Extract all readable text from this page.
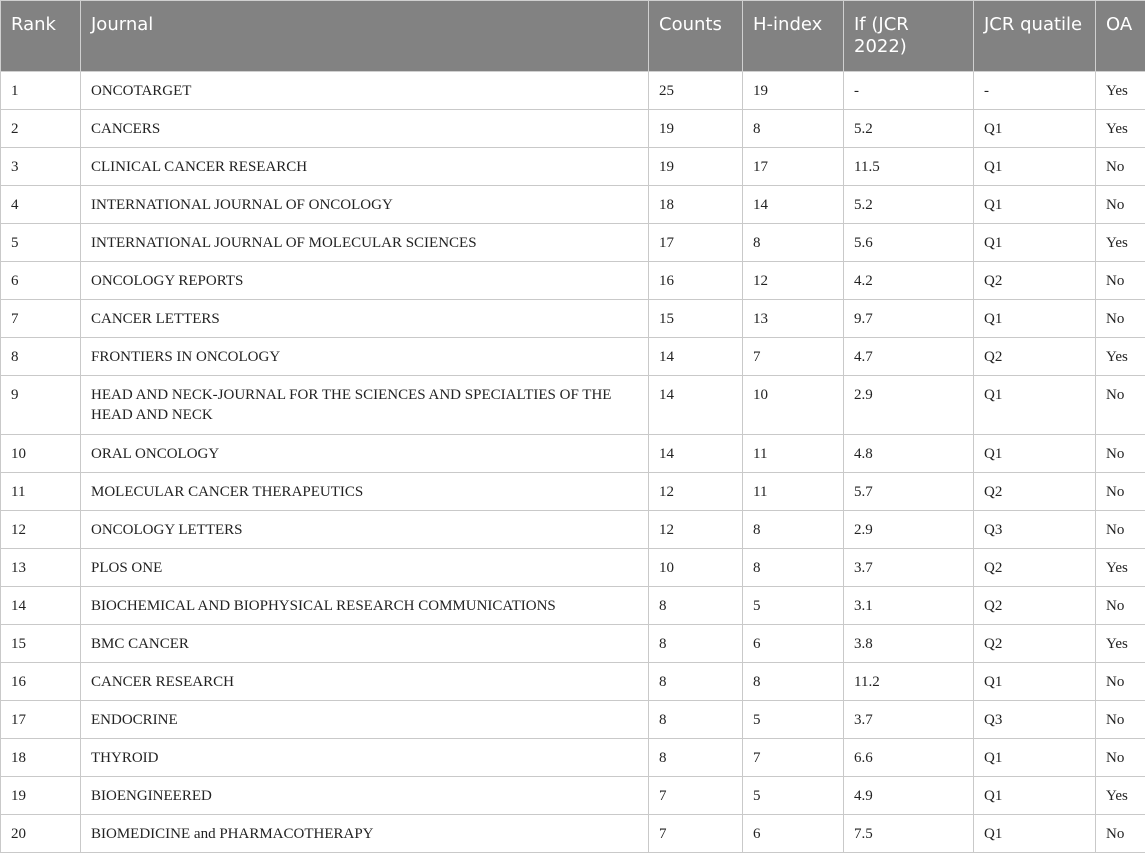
Rank	Journal	Counts	H-index	If (JCR 2022)	JCR quatile	OA
1	ONCOTARGET	25	19	-	-	Yes
2	CANCERS	19	8	5.2	Q1	Yes
3	CLINICAL CANCER RESEARCH	19	17	11.5	Q1	No
4	INTERNATIONAL JOURNAL OF ONCOLOGY	18	14	5.2	Q1	No
5	INTERNATIONAL JOURNAL OF MOLECULAR SCIENCES	17	8	5.6	Q1	Yes
6	ONCOLOGY REPORTS	16	12	4.2	Q2	No
7	CANCER LETTERS	15	13	9.7	Q1	No
8	FRONTIERS IN ONCOLOGY	14	7	4.7	Q2	Yes
9	HEAD AND NECK-JOURNAL FOR THE SCIENCES AND SPECIALTIES OF THE HEAD AND NECK	14	10	2.9	Q1	No
10	ORAL ONCOLOGY	14	11	4.8	Q1	No
11	MOLECULAR CANCER THERAPEUTICS	12	11	5.7	Q2	No
12	ONCOLOGY LETTERS	12	8	2.9	Q3	No
13	PLOS ONE	10	8	3.7	Q2	Yes
14	BIOCHEMICAL AND BIOPHYSICAL RESEARCH COMMUNICATIONS	8	5	3.1	Q2	No
15	BMC CANCER	8	6	3.8	Q2	Yes
16	CANCER RESEARCH	8	8	11.2	Q1	No
17	ENDOCRINE	8	5	3.7	Q3	No
18	THYROID	8	7	6.6	Q1	No
19	BIOENGINEERED	7	5	4.9	Q1	Yes
20	BIOMEDICINE and PHARMACOTHERAPY	7	6	7.5	Q1	No
